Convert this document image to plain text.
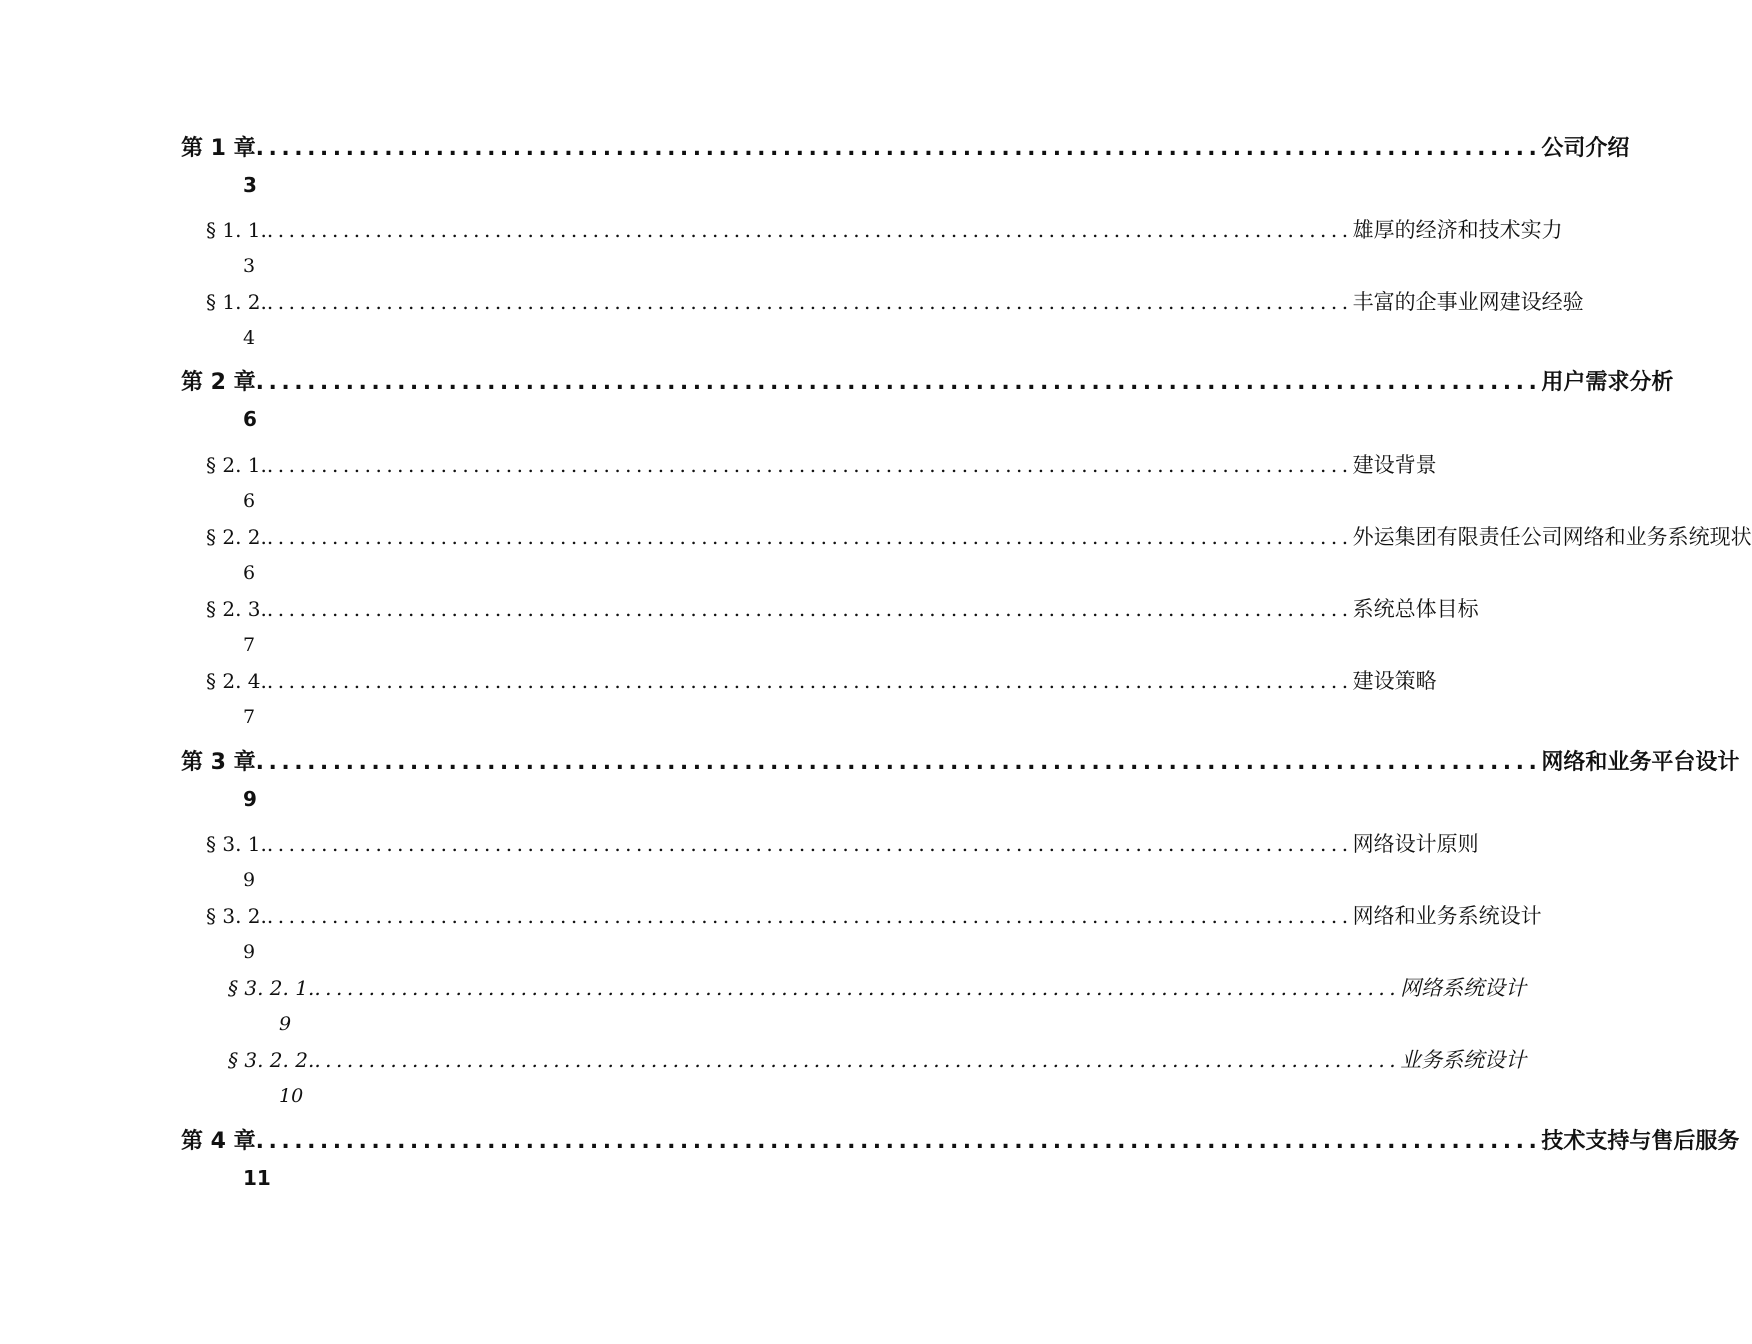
第 1 章 .................................................................................................... 公司介绍
3
§ 1. 1. .................................................................................................... 雄厚的经济和技术实力
3
§ 1. 2. .................................................................................................... 丰富的企事业网建设经验
4
第 2 章 .................................................................................................... 用户需求分析
6
§ 2. 1. .................................................................................................... 建设背景
6
§ 2. 2. .................................................................................................... 外运集团有限责任公司网络和业务系统现状
6
§ 2. 3. .................................................................................................... 系统总体目标
7
§ 2. 4. .................................................................................................... 建设策略
7
第 3 章 .................................................................................................... 网络和业务平台设计
9
§ 3. 1. .................................................................................................... 网络设计原则
9
§ 3. 2. .................................................................................................... 网络和业务系统设计
9
§ 3. 2. 1. .................................................................................................... 网络系统设计
9
§ 3. 2. 2. .................................................................................................... 业务系统设计
10
第 4 章 .................................................................................................... 技术支持与售后服务
11
